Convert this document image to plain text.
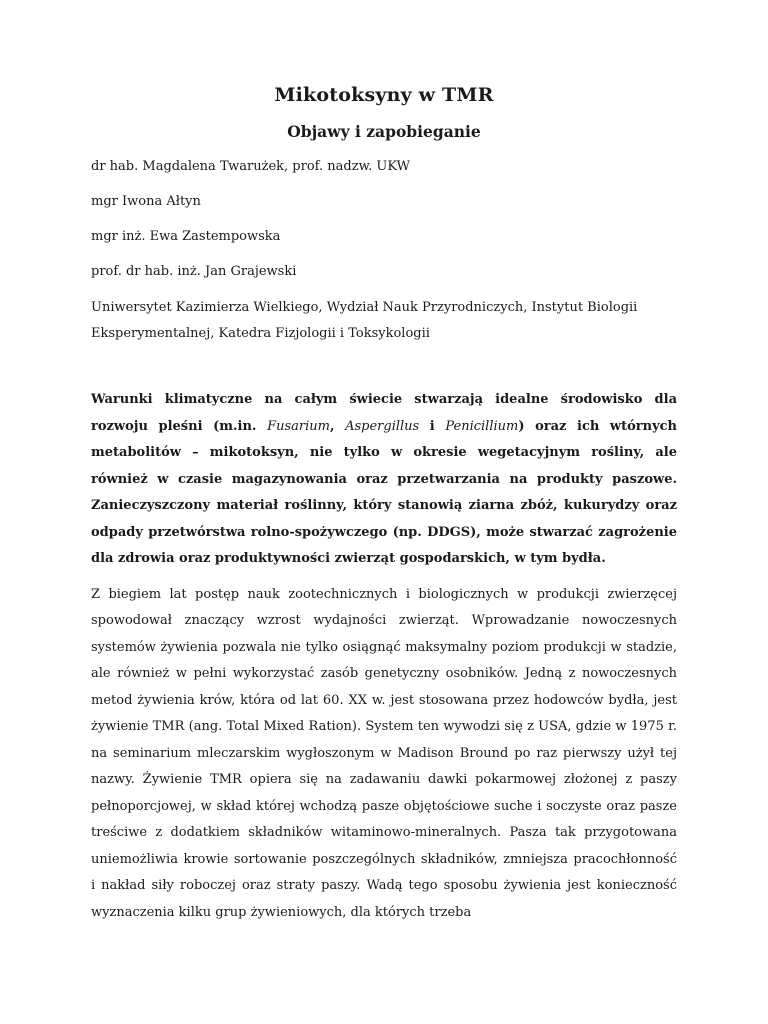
Mikotoksyny w TMR
Objawy i zapobieganie

dr hab. Magdalena Twarużek, prof. nadzw. UKW

mgr Iwona Ałtyn

mgr inż. Ewa Zastempowska

prof. dr hab. inż. Jan Grajewski

Uniwersytet Kazimierza Wielkiego, Wydział Nauk Przyrodniczych, Instytut Biologii Eksperymentalnej, Katedra Fizjologii i Toksykologii

Warunki klimatyczne na całym świecie stwarzają idealne środowisko dla rozwoju pleśni (m.in. Fusarium, Aspergillus i Penicillium) oraz ich wtórnych metabolitów – mikotoksyn, nie tylko w okresie wegetacyjnym rośliny, ale również w czasie magazynowania oraz przetwarzania na produkty paszowe. Zanieczyszczony materiał roślinny, który stanowią ziarna zbóż, kukurydzy oraz odpady przetwórstwa rolno-spożywczego (np. DDGS), może stwarzać zagrożenie dla zdrowia oraz produktywności zwierząt gospodarskich, w tym bydła.

Z biegiem lat postęp nauk zootechnicznych i biologicznych w produkcji zwierzęcej spowodował znaczący wzrost wydajności zwierząt. Wprowadzanie nowoczesnych systemów żywienia pozwala nie tylko osiągnąć maksymalny poziom produkcji w stadzie, ale również w pełni wykorzystać zasób genetyczny osobników. Jedną z nowoczesnych metod żywienia krów, która od lat 60. XX w. jest stosowana przez hodowców bydła, jest żywienie TMR (ang. Total Mixed Ration). System ten wywodzi się z USA, gdzie w 1975 r. na seminarium mleczarskim wygłoszonym w Madison Bround po raz pierwszy użył tej nazwy. Żywienie TMR opiera się na zadawaniu dawki pokarmowej złożonej z paszy pełnoporcjowej, w skład której wchodzą pasze objętościowe suche i soczyste oraz pasze treściwe z dodatkiem składników witaminowo-mineralnych. Pasza tak przygotowana uniemożliwia krowie sortowanie poszczególnych składników, zmniejsza pracochłonność i nakład siły roboczej oraz straty paszy. Wadą tego sposobu żywienia jest konieczność wyznaczenia kilku grup żywieniowych, dla których trzeba
